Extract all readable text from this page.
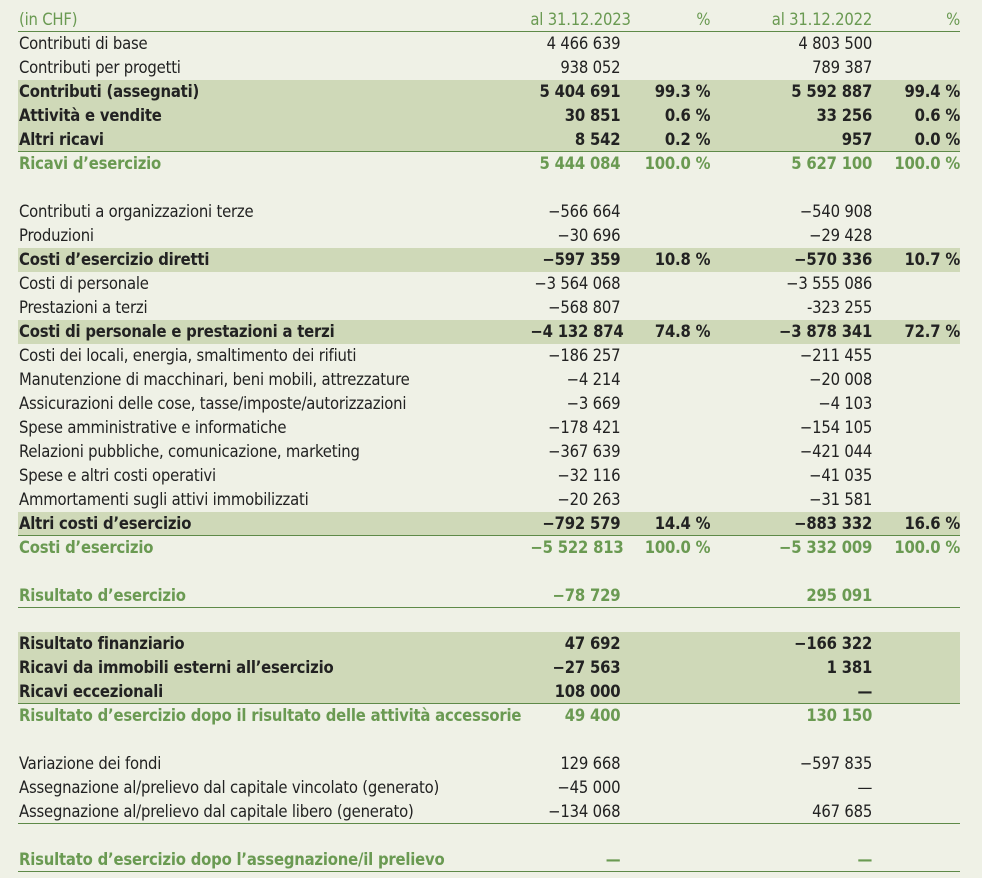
(in CHF)	al 31.12.2023	%	al 31.12.2022	%
Contributi di base	4 466 639	4 803 500
Contributi per progetti	938 052	789 387
Contributi (assegnati)	5 404 691	99.3 %	5 592 887	99.4 %
Attività e vendite	30 851	0.6 %	33 256	0.6 %
Altri ricavi	8 542	0.2 %	957	0.0 %
Ricavi d’esercizio	5 444 084	100.0 %	5 627 100	100.0 %
Contributi a organizzazioni terze	−566 664	−540 908
Produzioni	−30 696	−29 428
Costi d’esercizio diretti	−597 359	10.8 %	−570 336	10.7 %
Costi di personale	−3 564 068	−3 555 086
Prestazioni a terzi	−568 807	-323 255
Costi di personale e prestazioni a terzi	−4 132 874	74.8 %	−3 878 341	72.7 %
Costi dei locali, energia, smaltimento dei rifiuti	−186 257	−211 455
Manutenzione di macchinari, beni mobili, attrezzature	−4 214	−20 008
Assicurazioni delle cose, tasse/imposte/autorizzazioni	−3 669	−4 103
Spese amministrative e informatiche	−178 421	−154 105
Relazioni pubbliche, comunicazione, marketing	−367 639	−421 044
Spese e altri costi operativi	−32 116	−41 035
Ammortamenti sugli attivi immobilizzati	−20 263	−31 581
Altri costi d’esercizio	−792 579	14.4 %	−883 332	16.6 %
Costi d’esercizio	−5 522 813	100.0 %	−5 332 009	100.0 %
Risultato d’esercizio	−78 729	295 091
Risultato finanziario	47 692	−166 322
Ricavi da immobili esterni all’esercizio	−27 563	1 381
Ricavi eccezionali	108 000	—
Risultato d’esercizio dopo il risultato delle attività accessorie	49 400	130 150
Variazione dei fondi	129 668	−597 835
Assegnazione al/prelievo dal capitale vincolato (generato)	−45 000	—
Assegnazione al/prelievo dal capitale libero (generato)	−134 068	467 685
Risultato d’esercizio dopo l’assegnazione/il prelievo	—	—
